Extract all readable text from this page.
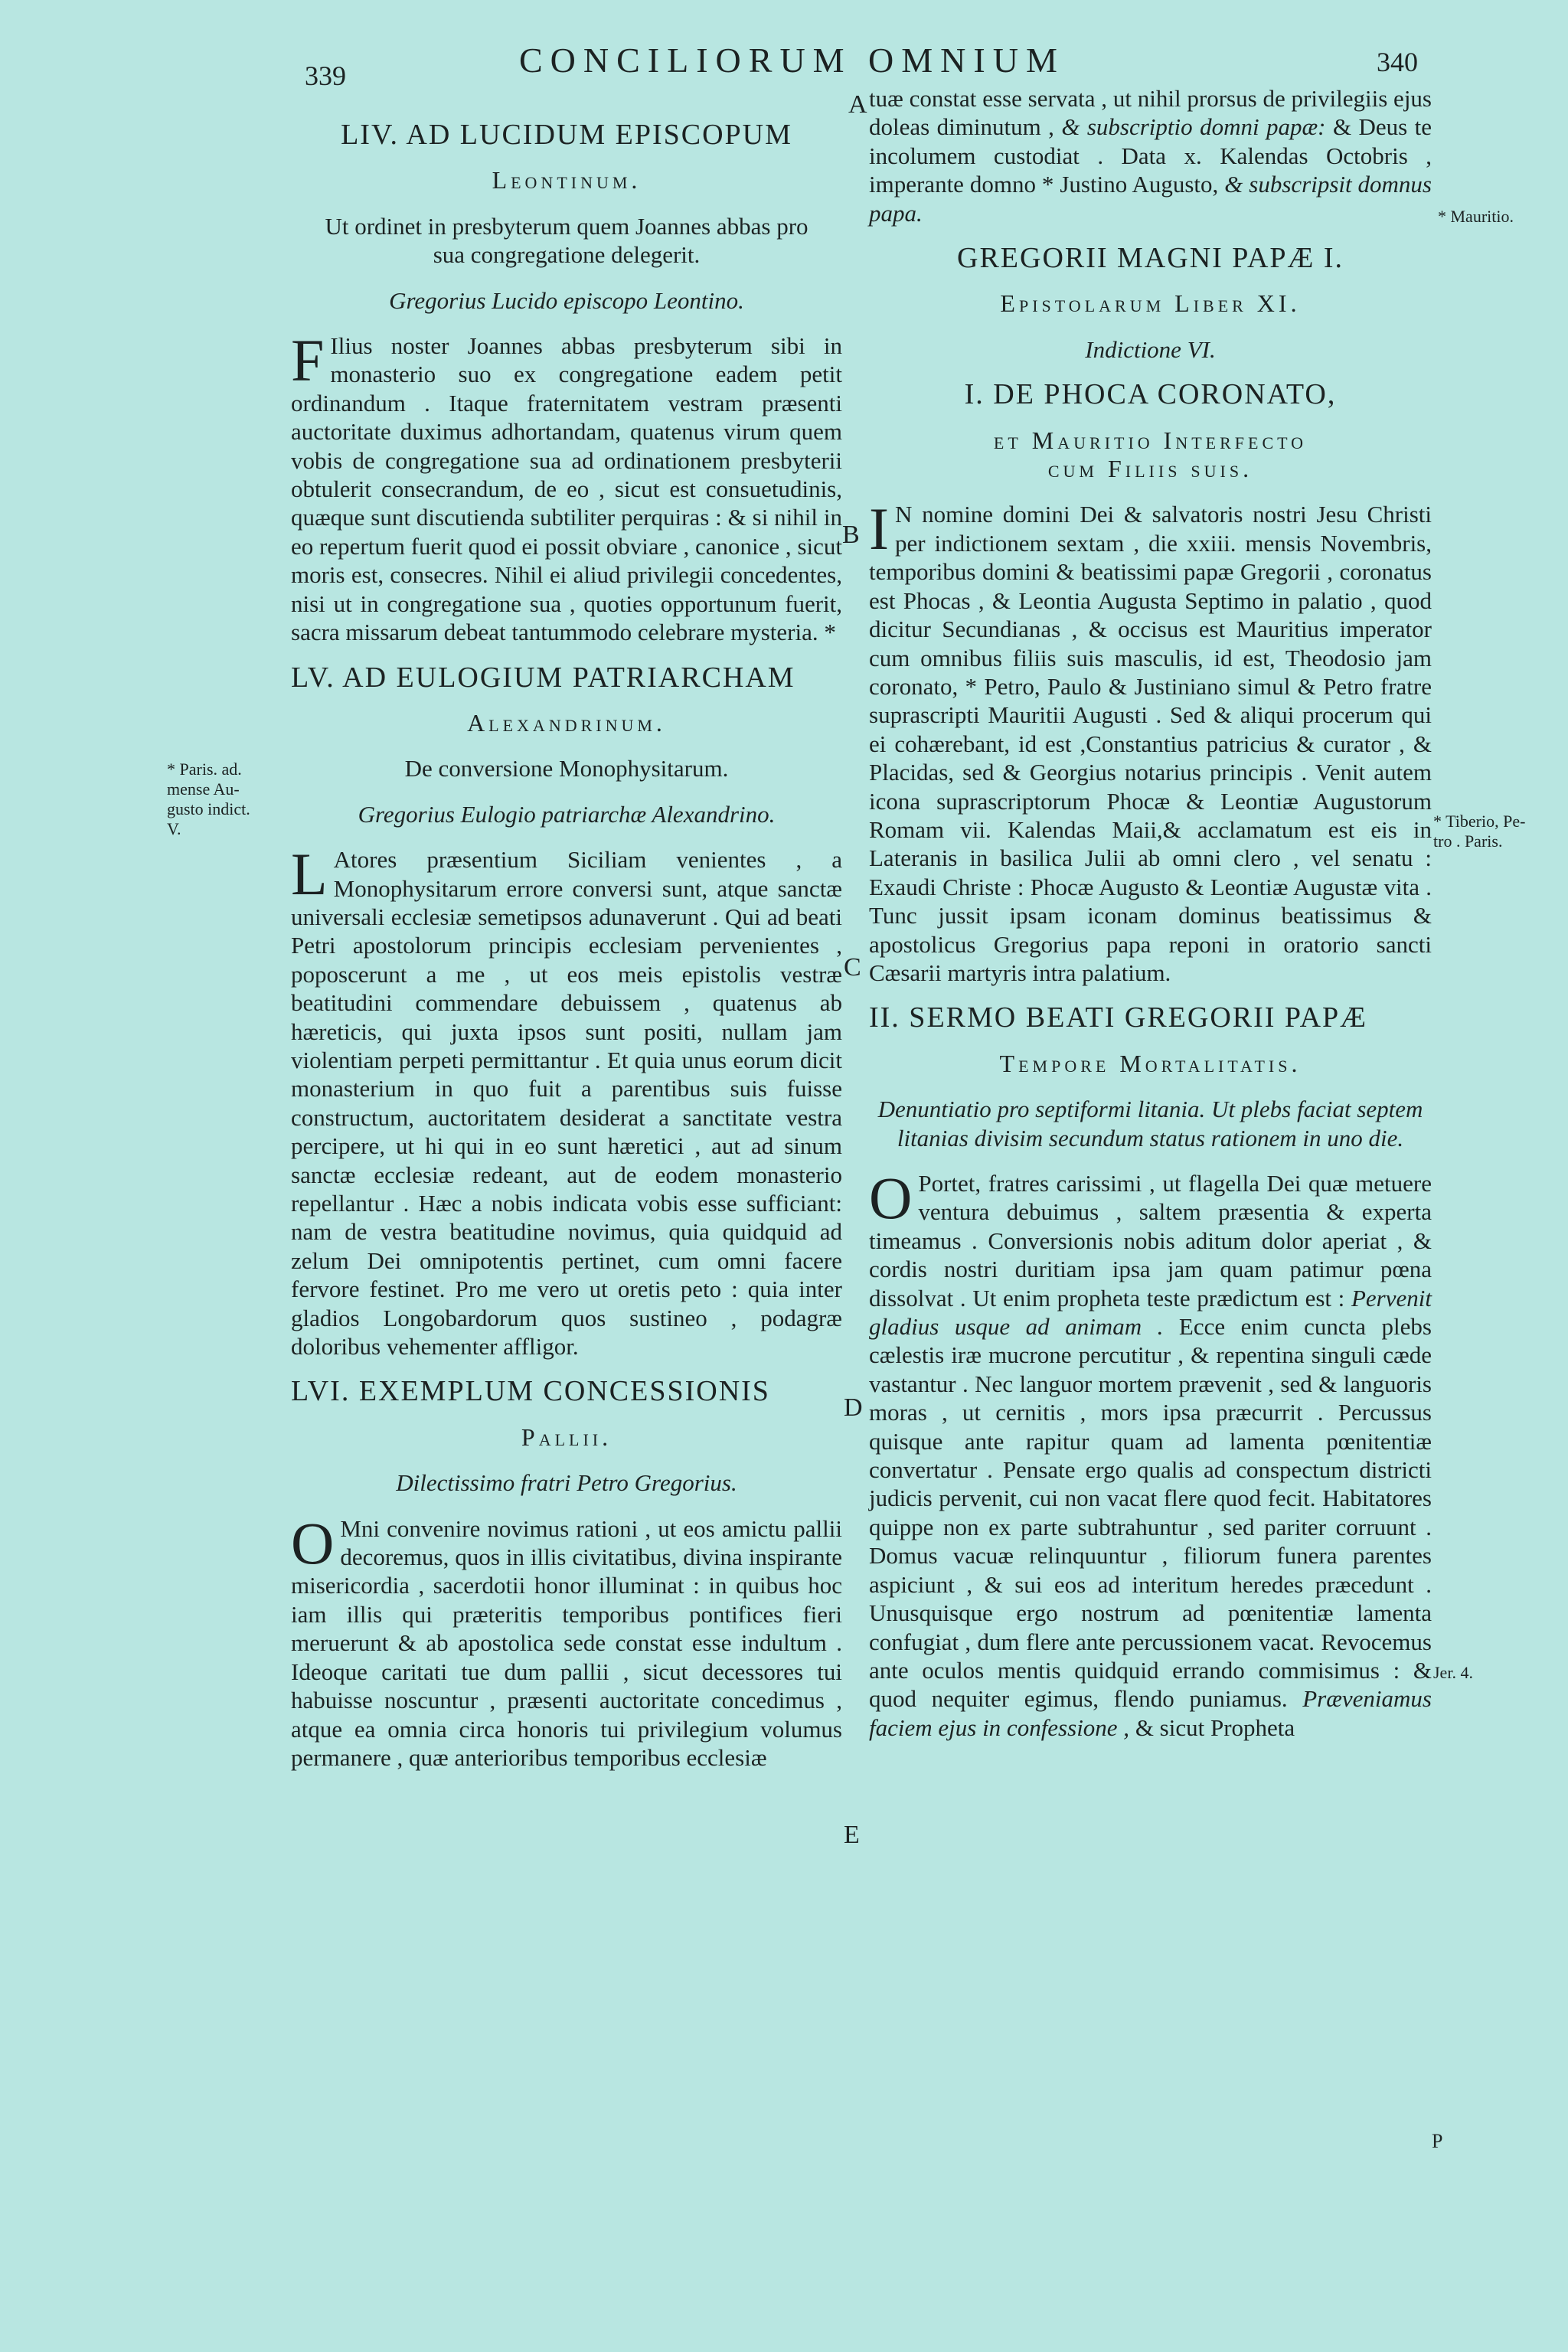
339	CONCILIORUM OMNIUM	340
A
B
C
D
E
P
* Paris. ad.
mense Au-
gusto indict.
V.
* Mauritio.
* Tiberio, Pe-
tro . Paris.
Jer. 4.
LIV. AD LUCIDUM EPISCOPUM
Leontinum.
Ut ordinet in presbyterum quem Joannes abbas pro sua congregatione delegerit.
Gregorius Lucido episcopo Leontino.
F Ilius noster Joannes abbas presbyterum sibi in monasterio suo ex congregatione eadem petit ordinandum . Itaque fraternitatem vestram præsenti auctoritate duximus adhortandam, quatenus virum quem vobis de congregatione sua ad ordinationem presbyterii obtulerit consecrandum, de eo , sicut est consuetudinis, quæque sunt discutienda subtiliter perquiras : & si nihil in eo repertum fuerit quod ei possit obviare , canonice , sicut moris est, consecres. Nihil ei aliud privilegii concedentes, nisi ut in congregatione sua , quoties opportunum fuerit, sacra missarum debeat tantummodo celebrare mysteria. *
LV. AD EULOGIUM PATRIARCHAM
Alexandrinum.
De conversione Monophysitarum.
Gregorius Eulogio patriarchæ Alexandrino.
L Atores præsentium Siciliam venientes , a Monophysitarum errore conversi sunt, atque sanctæ universali ecclesiæ semetipsos adunaverunt . Qui ad beati Petri apostolorum principis ecclesiam pervenientes , poposcerunt a me , ut eos meis epistolis vestræ beatitudini commendare debuissem , quatenus ab hæreticis, qui juxta ipsos sunt positi, nullam jam violentiam perpeti permittantur . Et quia unus eorum dicit monasterium in quo fuit a parentibus suis fuisse constructum, auctoritatem desiderat a sanctitate vestra percipere, ut hi qui in eo sunt hæretici , aut ad sinum sanctæ ecclesiæ redeant, aut de eodem monasterio repellantur . Hæc a nobis indicata vobis esse sufficiant: nam de vestra beatitudine novimus, quia quidquid ad zelum Dei omnipotentis pertinet, cum omni facere fervore festinet. Pro me vero ut oretis peto : quia inter gladios Longobardorum quos sustineo , podagræ doloribus vehementer affligor.
LVI. EXEMPLUM CONCESSIONIS
Pallii.
Dilectissimo fratri Petro Gregorius.
O Mni convenire novimus rationi , ut eos amictu pallii decoremus, quos in illis civitatibus, divina inspirante misericordia , sacerdotii honor illuminat : in quibus hoc iam illis qui præteritis temporibus pontifices fieri meruerunt & ab apostolica sede constat esse indultum . Ideoque caritati tue dum pallii , sicut decessores tui habuisse noscuntur , præsenti auctoritate concedimus , atque ea omnia circa honoris tui privilegium volumus permanere , quæ anterioribus temporibus ecclesiæ
tuæ constat esse servata , ut nihil prorsus de privilegiis ejus doleas diminutum , & subscriptio domni papæ: & Deus te incolumem custodiat . Data x. Kalendas Octobris , imperante domno * Justino Augusto, & subscripsit domnus papa.
GREGORII MAGNI PAPÆ I.
Epistolarum Liber XI.
Indictione VI.
I. DE PHOCA CORONATO,
et Mauritio Interfecto
cum Filiis suis.
I N nomine domini Dei & salvatoris nostri Jesu Christi per indictionem sextam , die xxiii. mensis Novembris, temporibus domini & beatissimi papæ Gregorii , coronatus est Phocas , & Leontia Augusta Septimo in palatio , quod dicitur Secundianas , & occisus est Mauritius imperator cum omnibus filiis suis masculis, id est, Theodosio jam coronato, * Petro, Paulo & Justiniano simul & Petro fratre suprascripti Mauritii Augusti . Sed & aliqui procerum qui ei cohærebant, id est ,Constantius patricius & curator , & Placidas, sed & Georgius notarius principis . Venit autem icona suprascriptorum Phocæ & Leontiæ Augustorum Romam vii. Kalendas Maii,& acclamatum est eis in Lateranis in basilica Julii ab omni clero , vel senatu : Exaudi Christe : Phocæ Augusto & Leontiæ Augustæ vita . Tunc jussit ipsam iconam dominus beatissimus & apostolicus Gregorius papa reponi in oratorio sancti Cæsarii martyris intra palatium.
II. SERMO BEATI GREGORII PAPÆ
Tempore Mortalitatis.
Denuntiatio pro septiformi litania. Ut plebs faciat septem litanias divisim secundum status rationem in uno die.
O Portet, fratres carissimi , ut flagella Dei quæ metuere ventura debuimus , saltem præsentia & experta timeamus . Conversionis nobis aditum dolor aperiat , & cordis nostri duritiam ipsa jam quam patimur pœna dissolvat . Ut enim propheta teste prædictum est : Pervenit gladius usque ad animam . Ecce enim cuncta plebs cælestis iræ mucrone percutitur , & repentina singuli cæde vastantur . Nec languor mortem prævenit , sed & languoris moras , ut cernitis , mors ipsa præcurrit . Percussus quisque ante rapitur quam ad lamenta pœnitentiæ convertatur . Pensate ergo qualis ad conspectum districti judicis pervenit, cui non vacat flere quod fecit. Habitatores quippe non ex parte subtrahuntur , sed pariter corruunt . Domus vacuæ relinquuntur , filiorum funera parentes aspiciunt , & sui eos ad interitum heredes præcedunt . Unusquisque ergo nostrum ad pœnitentiæ lamenta confugiat , dum flere ante percussionem vacat. Revocemus ante oculos mentis quidquid errando commisimus : & quod nequiter egimus, flendo puniamus. Præveniamus faciem ejus in confessione , & sicut Propheta
